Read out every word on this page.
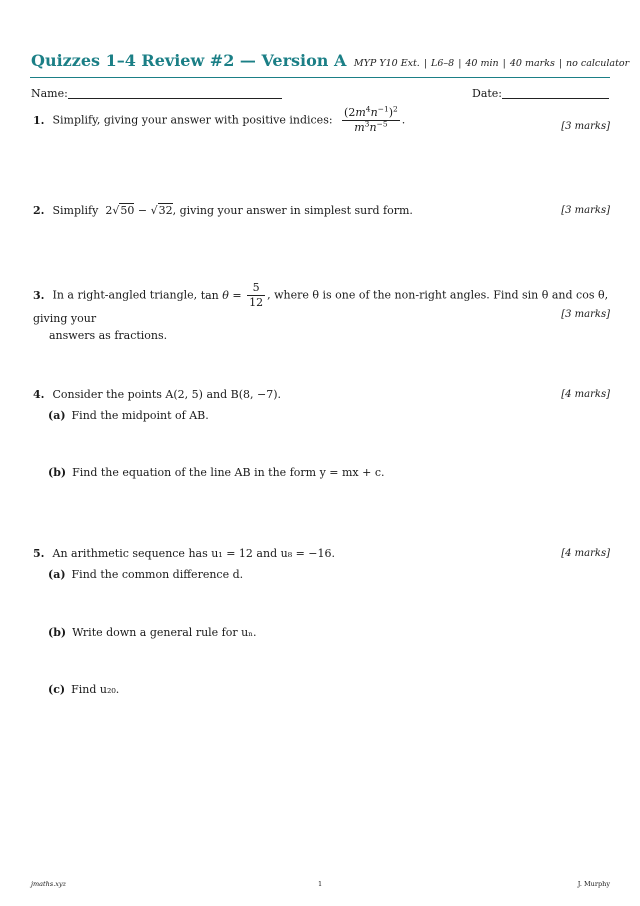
Quizzes 1–4 Review #2 — Version A MYP Y10 Ext. | L6–8 | 40 min | 40 marks | no calculator
Name:	Date:
1. Simplify, giving your answer with positive indices: $\frac{(2m^4n^{-1})^2}{m^3n^{-5}}$ .	[3 marks]
2. Simplify  2√50 − √32, giving your answer in simplest surd form.	[3 marks]
3. In a right-angled triangle, $\tan \theta = \frac{5}{12}$ , where θ is one of the non-right angles. Find sin θ and cos θ, giving your
answers as fractions.
[3 marks]
4. Consider the points A(2, 5) and B(8, −7).	[4 marks]
(a) Find the midpoint of AB.
(b) Find the equation of the line AB in the form y = mx + c.
5. An arithmetic sequence has u₁ = 12 and u₈ = −16.	[4 marks]
(a) Find the common difference d.
(b) Write down a general rule for uₙ.
(c) Find u₂₀.
jmaths.xyz	1	J. Murphy
